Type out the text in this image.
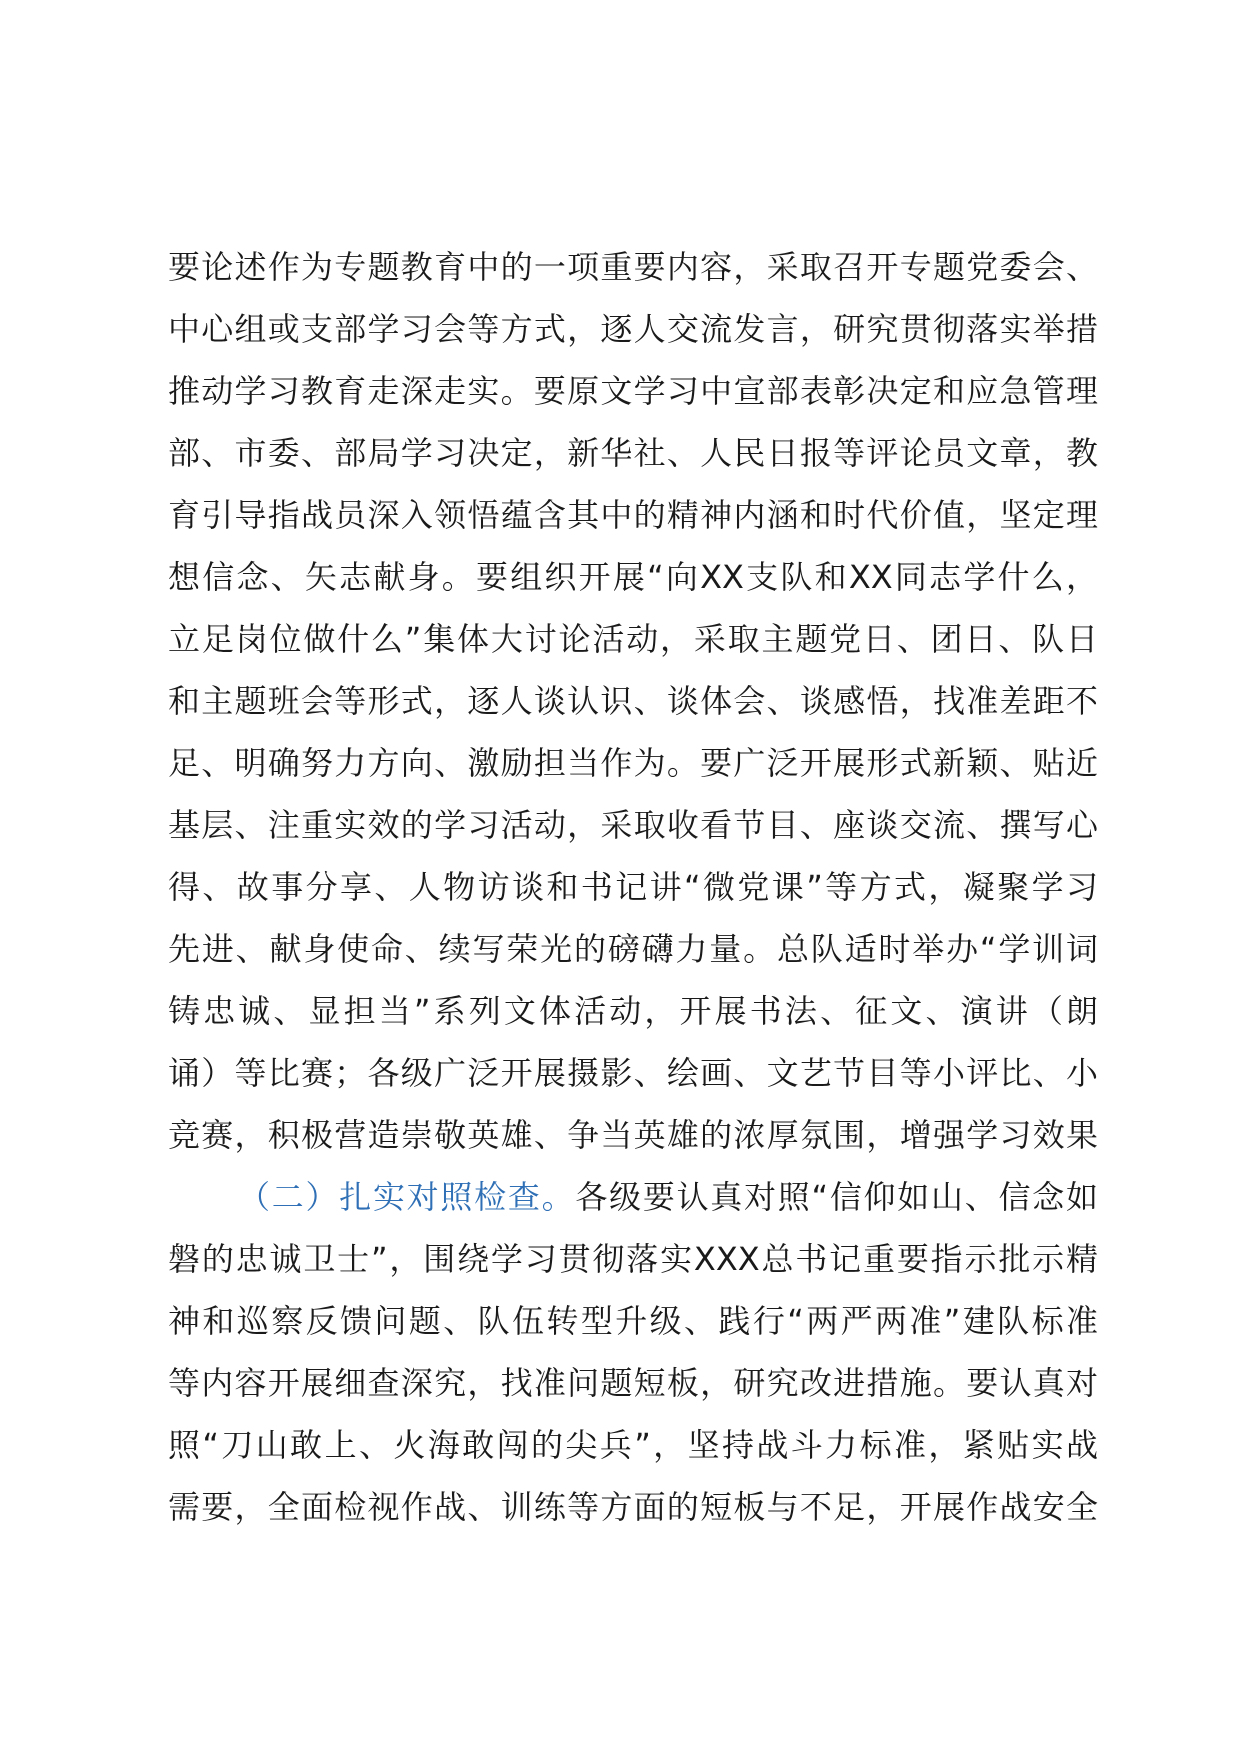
要论述作为专题教育中的一项重要内容，采取召开专题党委会、
中心组或支部学习会等方式，逐人交流发言，研究贯彻落实举措
推动学习教育走深走实。要原文学习中宣部表彰决定和应急管理
部、市委、部局学习决定，新华社、人民日报等评论员文章，教
育引导指战员深入领悟蕴含其中的精神内涵和时代价值，坚定理
想信念、矢志献身。要组织开展“向XX支队和XX同志学什么，
立足岗位做什么”集体大讨论活动，采取主题党日、团日、队日
和主题班会等形式，逐人谈认识、谈体会、谈感悟，找准差距不
足、明确努力方向、激励担当作为。要广泛开展形式新颖、贴近
基层、注重实效的学习活动，采取收看节目、座谈交流、撰写心
得、故事分享、人物访谈和书记讲“微党课”等方式，凝聚学习
先进、献身使命、续写荣光的磅礴力量。总队适时举办“学训词
铸忠诚、显担当”系列文体活动，开展书法、征文、演讲（朗
诵）等比赛；各级广泛开展摄影、绘画、文艺节目等小评比、小
竞赛，积极营造崇敬英雄、争当英雄的浓厚氛围，增强学习效果
（二）扎实对照检查。各级要认真对照“信仰如山、信念如
磐的忠诚卫士”，围绕学习贯彻落实XXX总书记重要指示批示精
神和巡察反馈问题、队伍转型升级、践行“两严两准”建队标准
等内容开展细查深究，找准问题短板，研究改进措施。要认真对
照“刀山敢上、火海敢闯的尖兵”，坚持战斗力标准，紧贴实战
需要，全面检视作战、训练等方面的短板与不足，开展作战安全
